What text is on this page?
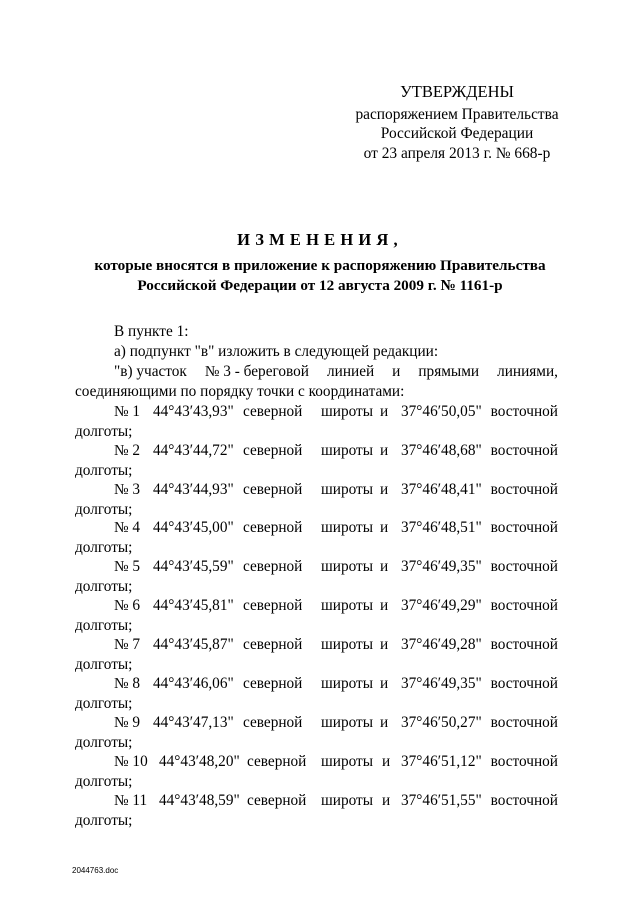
УТВЕРЖДЕНЫ
распоряжением Правительства
Российской Федерации
от 23 апреля 2013 г. № 668-р
ИЗМЕНЕНИЯ,
которые вносятся в приложение к распоряжению Правительства
Российской Федерации от 12 августа 2009 г. № 1161-р
В пункте 1:
а) подпункт "в" изложить в следующей редакции:
"в) участок № 3 - береговой линией и прямыми линиями,
соединяющими по порядку точки с координатами:
№ 1 44°43′43,93" северной широты и 37°46′50,05" восточной
долготы;
№ 2 44°43′44,72" северной широты и 37°46′48,68" восточной
долготы;
№ 3 44°43′44,93" северной широты и 37°46′48,41" восточной
долготы;
№ 4 44°43′45,00" северной широты и 37°46′48,51" восточной
долготы;
№ 5 44°43′45,59" северной широты и 37°46′49,35" восточной
долготы;
№ 6 44°43′45,81" северной широты и 37°46′49,29" восточной
долготы;
№ 7 44°43′45,87" северной широты и 37°46′49,28" восточной
долготы;
№ 8 44°43′46,06" северной широты и 37°46′49,35" восточной
долготы;
№ 9 44°43′47,13" северной широты и 37°46′50,27" восточной
долготы;
№ 10 44°43′48,20" северной широты и 37°46′51,12" восточной
долготы;
№ 11 44°43′48,59" северной широты и 37°46′51,55" восточной
долготы;
2044763.doc
